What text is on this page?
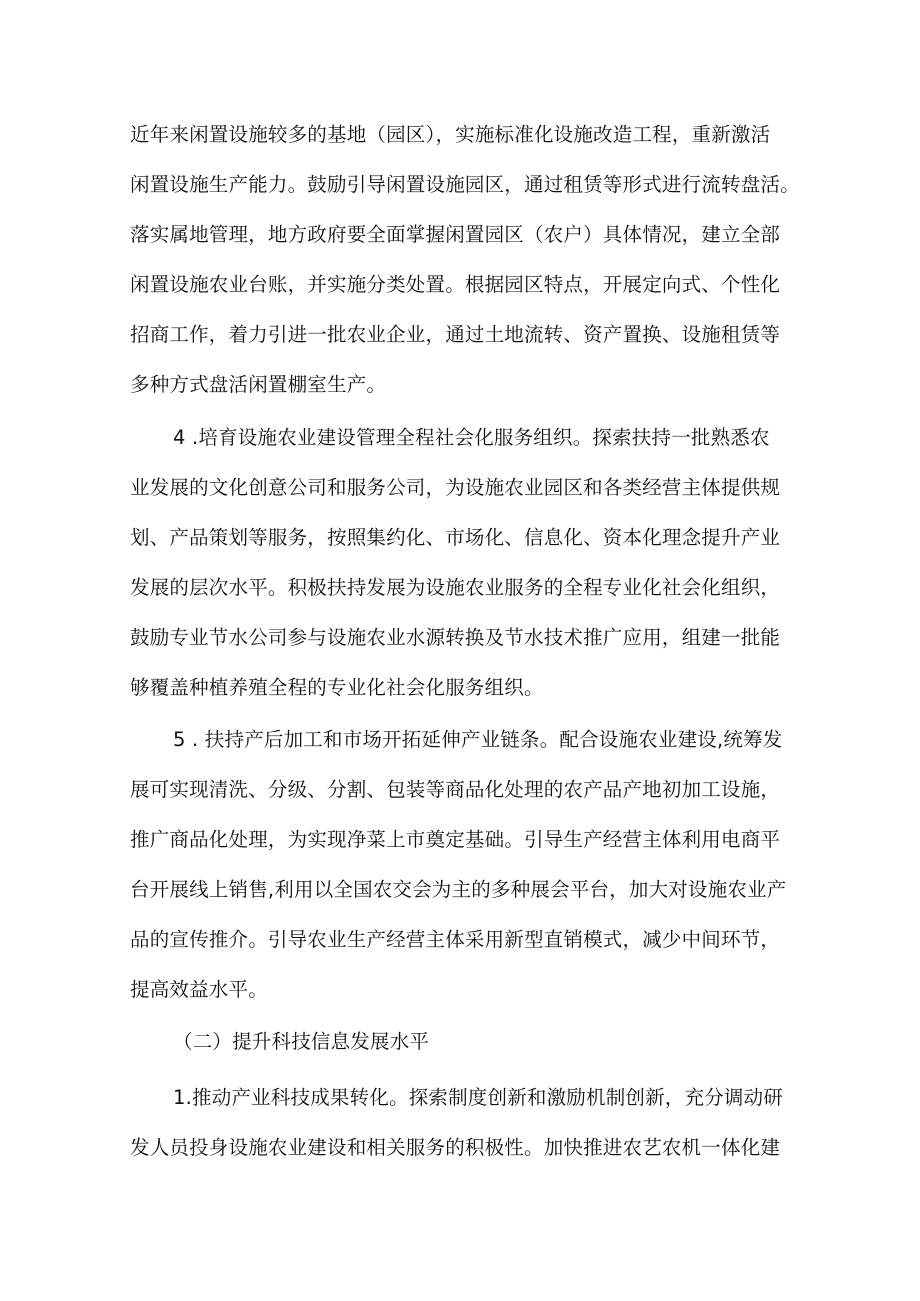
近年来闲置设施较多的基地（园区），实施标准化设施改造工程，重新激活
闲置设施生产能力。鼓励引导闲置设施园区，通过租赁等形式进行流转盘活。
落实属地管理，地方政府要全面掌握闲置园区（农户）具体情况，建立全部
闲置设施农业台账，并实施分类处置。根据园区特点，开展定向式、个性化
招商工作，着力引进一批农业企业，通过土地流转、资产置换、设施租赁等
多种方式盘活闲置棚室生产。
4 .培育设施农业建设管理全程社会化服务组织。探索扶持一批熟悉农
业发展的文化创意公司和服务公司，为设施农业园区和各类经营主体提供规
划、产品策划等服务，按照集约化、市场化、信息化、资本化理念提升产业
发展的层次水平。积极扶持发展为设施农业服务的全程专业化社会化组织，
鼓励专业节水公司参与设施农业水源转换及节水技术推广应用，组建一批能
够覆盖种植养殖全程的专业化社会化服务组织。
5 . 扶持产后加工和市场开拓延伸产业链条。配合设施农业建设,统筹发
展可实现清洗、分级、分割、包装等商品化处理的农产品产地初加工设施，
推广商品化处理，为实现净菜上市奠定基础。引导生产经营主体利用电商平
台开展线上销售,利用以全国农交会为主的多种展会平台，加大对设施农业产
品的宣传推介。引导农业生产经营主体采用新型直销模式，减少中间环节，
提高效益水平。
（二）提升科技信息发展水平
1.推动产业科技成果转化。探索制度创新和激励机制创新，充分调动研
发人员投身设施农业建设和相关服务的积极性。加快推进农艺农机一体化建
